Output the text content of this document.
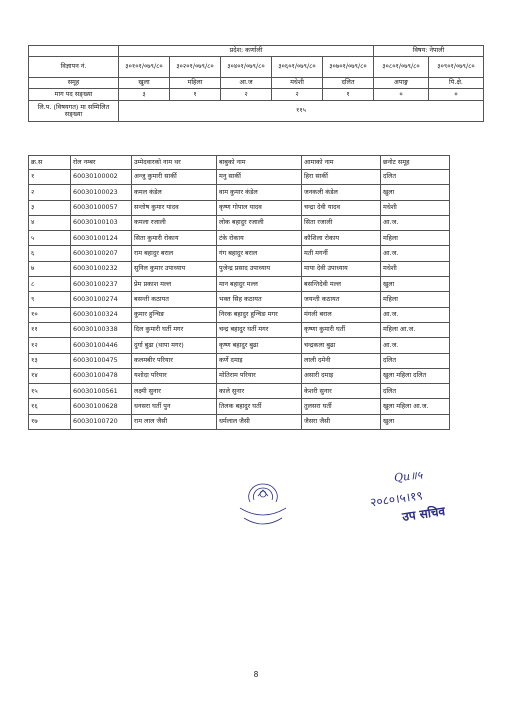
	प्रदेश: कर्णाली					विषय: नेपाली	
विज्ञापन नं.	३०१०१/०७९/८०	३०२०१/०७९/८०	३०४०१/०७९/८०	३०६०१/०७९/८०	३०७०१/०७९/८०	३०८०१/०७९/८०	३०९०१/०७९/८०
समूह	खुला	महिला	आ.ज	मधेशी	दलित	अपाङ्ग	पि.क्षे.
माग पद सङ्ख्या	३	१	२	२	१	०	०
लि.प. (विषयगत) मा सम्मिलित सङ्ख्या	११५						
क्र.स	रोल नम्बर	उम्मेदवारको नाम थर	बाबुको नाम	आमाको नाम	छनोट समूह
१	60030100002	अन्जु कुमारी सार्की	मनु सार्की	हिरा सार्की	दलित
२	60030100023	कमल कंडेल	वाम कुमार कंडेल	जनकली कंडेल	खुला
३	60030100057	सन्तोष कुमार यादव	कृष्ण गोपाल यादव	चन्द्रा देवी यादव	मधेशी
४	60030100103	कमला रजाली	लोक बहादुर रजाली	सिता रजाली	आ.ज.
५	60030100124	सिता कुमारी रोकाय	टंके रोकाय	कौशिला रोकाय	महिला
६	60030100207	राम बहादुर बराल	गंग बहादुर बराल	मती मगर्नी	आ.ज.
७	60030100232	सुनिल कुमार उपाध्याय	पुजेन्द्र प्रसाद उपाध्याय	माया देवी उपाध्याय	मधेशी
८	60030100237	प्रेम प्रकाश मल्ल	मान बहादुर मल्ल	बसन्तिदेवी मल्ल	खुला
९	60030100274	बसन्ती कठायत	भक्त सिह कठायत	जयन्ती कठायत	महिला
१०	60030100324	कुमार हुन्चिङ	निरक बहादुर हुन्चिङ मगर	मंगली बराल	आ.ज.
११	60030100338	दिल कुमारी घर्ती मगर	चन्द्र बहादुर घर्ती मगर	कृष्णा कुमारी घर्ती	महिला आ.ज.
१२	60030100446	दुर्गा बुढा (थापा मगर)	कृष्ण बहादुर बुढा	चन्द्रकला बुढा	आ.ज.
१३	60030100475	कलमबीर परियार	कर्णे दमाइ	लाली दमेनी	दलित
१४	60030100478	यशोदा परियार	मोतिराम परियार	असारी दमाइ	खुला महिला दलित
१५	60030100561	लक्ष्मी सुनार	काले सुनार	केशरी सुनार	दलित
१६	60030100628	धनसरा घर्ती पुन	तिलक बहादुर घर्ती	तुलसरा घर्ती	खुला महिला आ.ज.
१७	60030100720	राम लाल जैसी	धर्मलाल जैसी	जैसरा जैसी	खुला
Qu॥५
२०८०।५।१९
उप सचिव
8
